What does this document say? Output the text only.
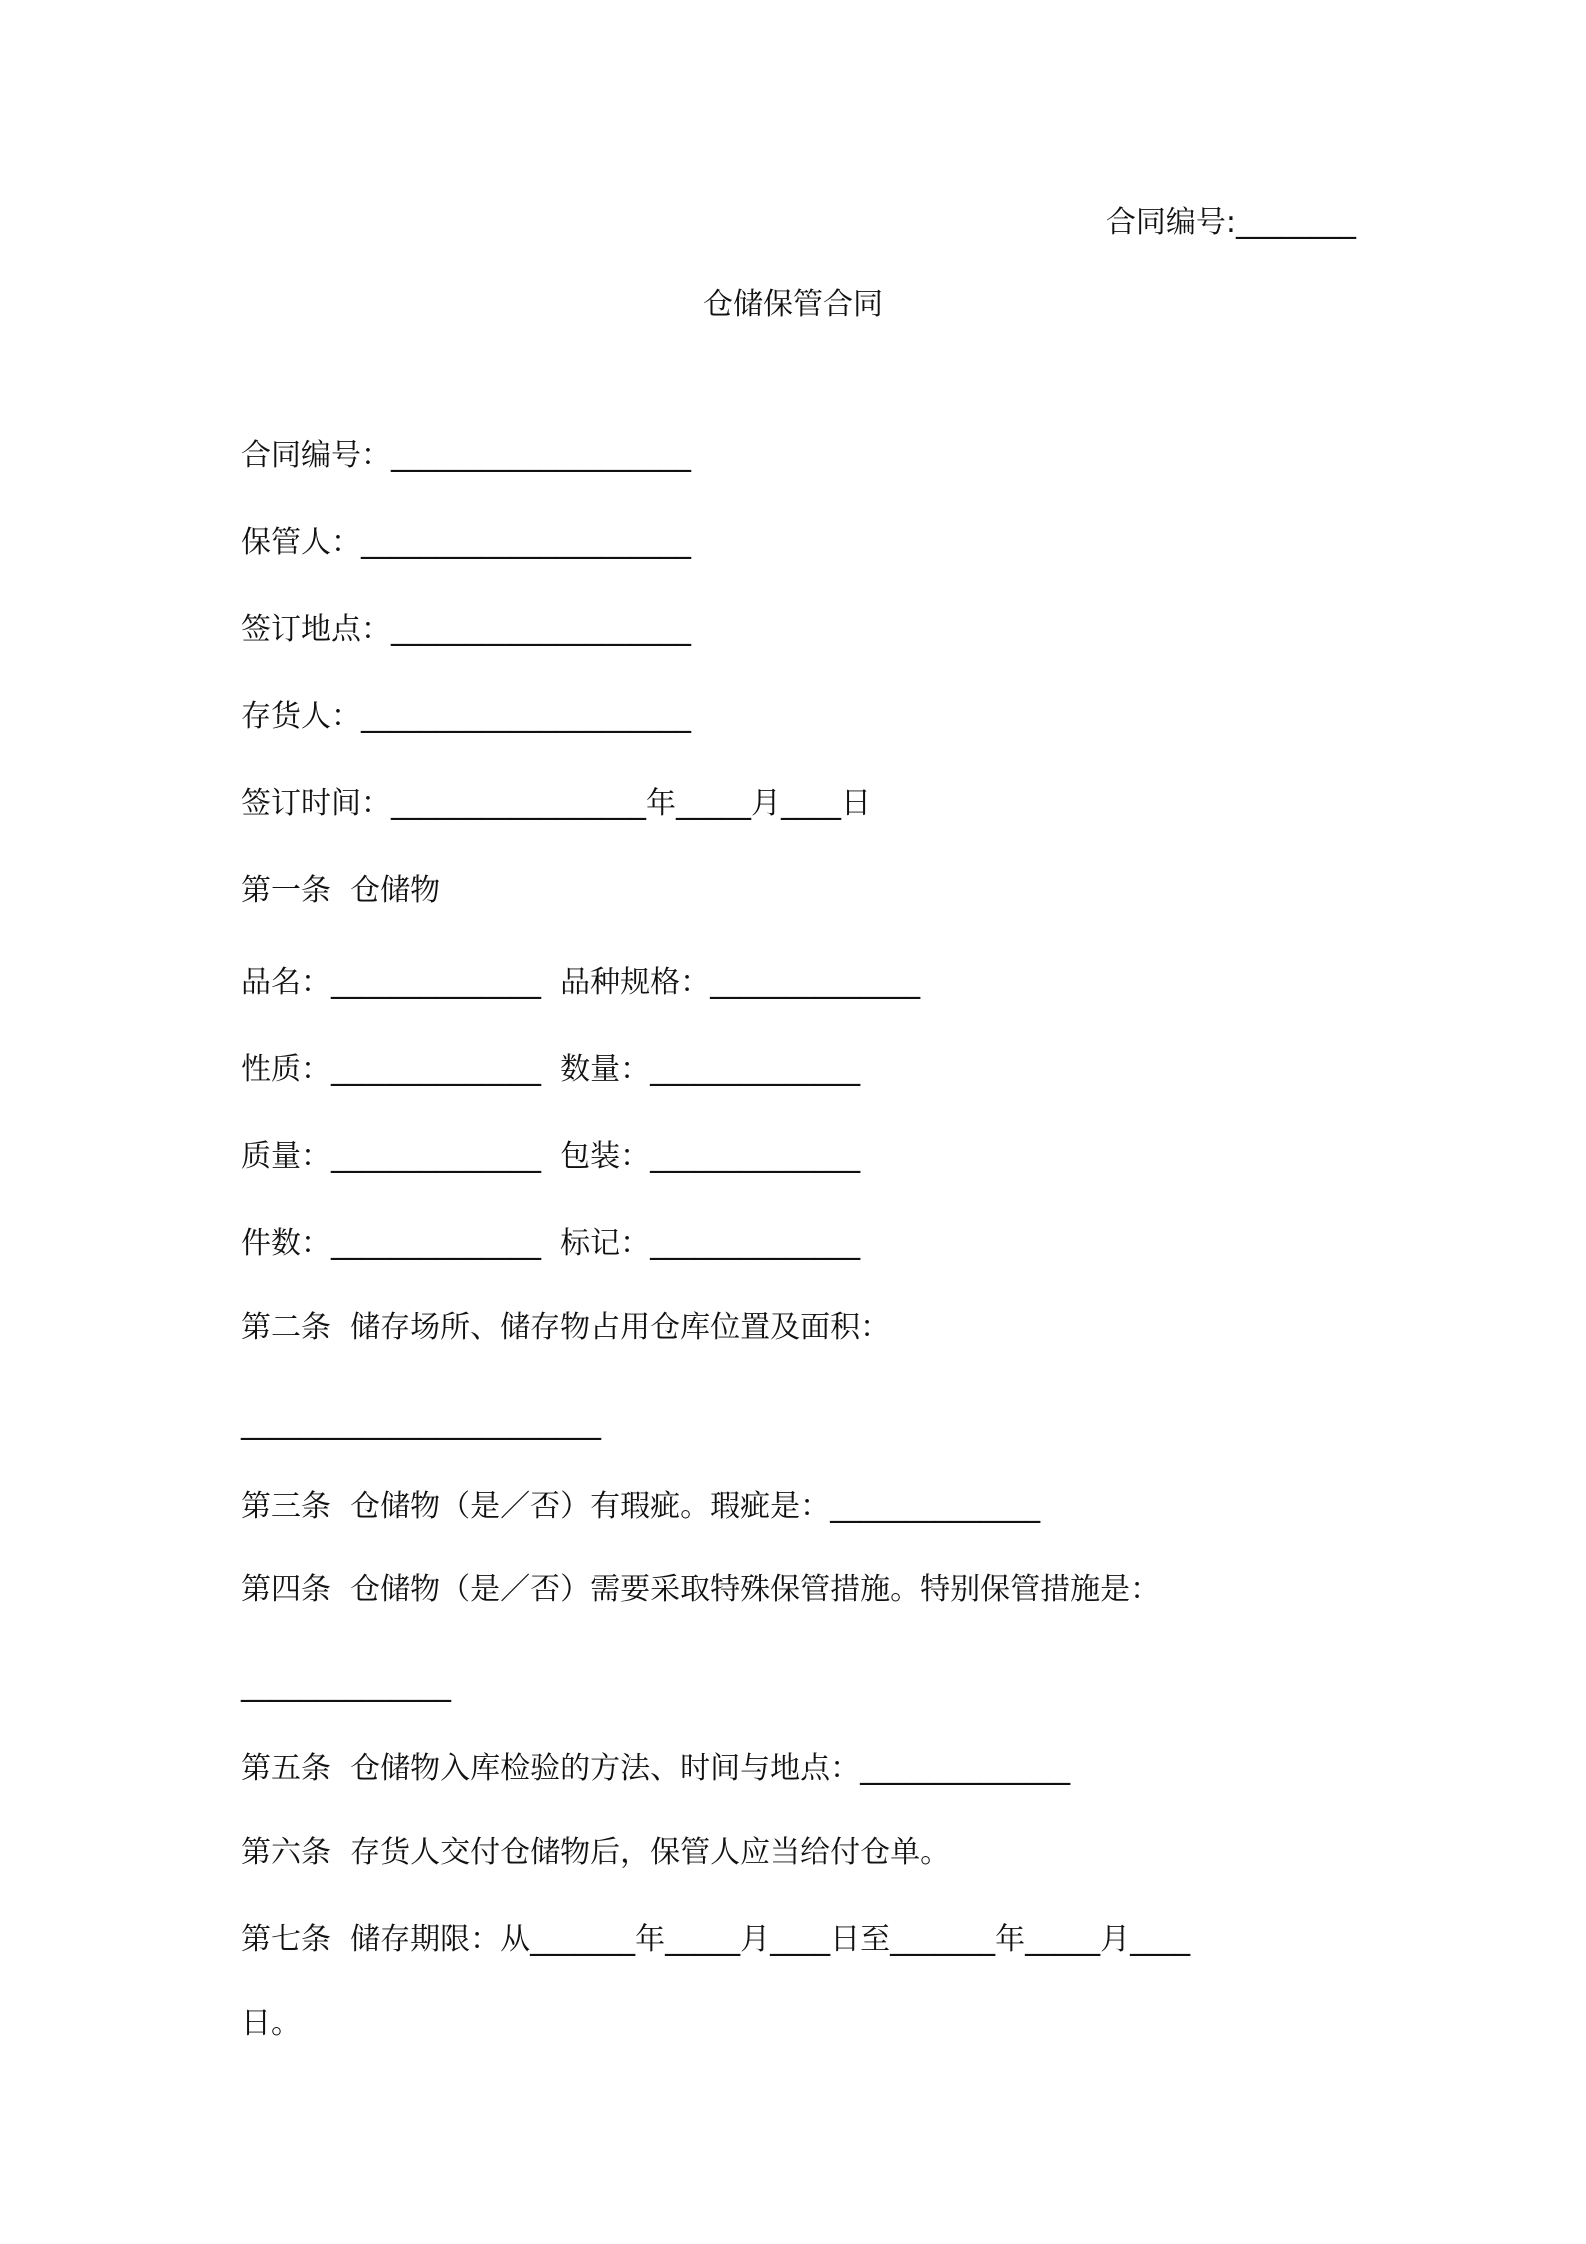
合同编号:________
仓储保管合同
合同编号：____________________
保管人：______________________
签订地点：____________________
存货人：______________________
签订时间：_________________年_____月____日
第一条  仓储物
品名：______________  品种规格：______________
性质：______________  数量：______________
质量：______________  包装：______________
件数：______________  标记：______________
第二条  储存场所、储存物占用仓库位置及面积：
________________________
第三条  仓储物（是／否）有瑕疵。瑕疵是：______________
第四条  仓储物（是／否）需要采取特殊保管措施。特别保管措施是：
______________
第五条  仓储物入库检验的方法、时间与地点：______________
第六条  存货人交付仓储物后，保管人应当给付仓单。
第七条  储存期限：从_______年_____月____日至_______年_____月____
日。
